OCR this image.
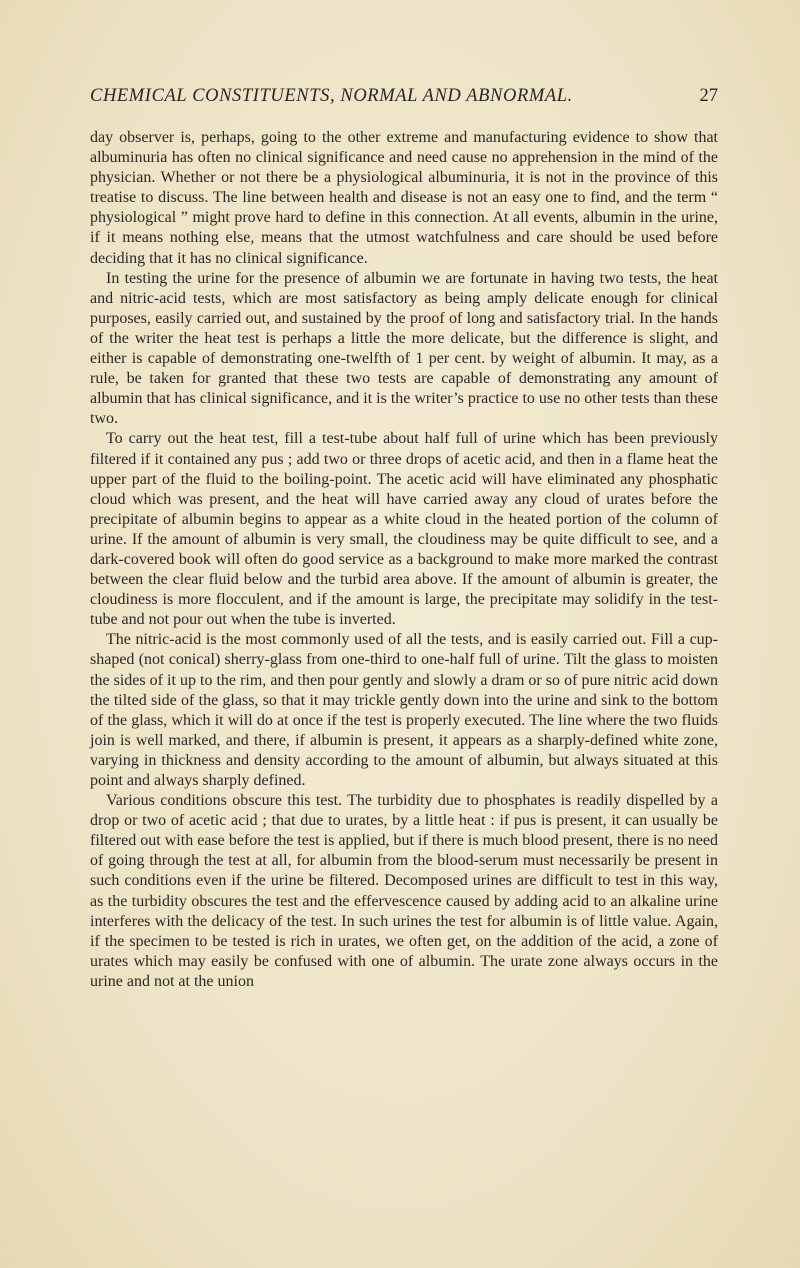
CHEMICAL CONSTITUENTS, NORMAL AND ABNORMAL.	27

day observer is, perhaps, going to the other extreme and manufacturing evidence to show that albuminuria has often no clinical significance and need cause no apprehension in the mind of the physician. Whether or not there be a physiological albuminuria, it is not in the province of this treatise to discuss. The line between health and disease is not an easy one to find, and the term “ physiological ” might prove hard to define in this connection. At all events, albumin in the urine, if it means nothing else, means that the utmost watchfulness and care should be used before deciding that it has no clinical significance.

In testing the urine for the presence of albumin we are fortunate in having two tests, the heat and nitric-acid tests, which are most satisfactory as being amply delicate enough for clinical purposes, easily carried out, and sustained by the proof of long and satisfactory trial. In the hands of the writer the heat test is perhaps a little the more delicate, but the difference is slight, and either is capable of demonstrating one-twelfth of 1 per cent. by weight of albumin. It may, as a rule, be taken for granted that these two tests are capable of demonstrating any amount of albumin that has clinical significance, and it is the writer’s practice to use no other tests than these two.

To carry out the heat test, fill a test-tube about half full of urine which has been previously filtered if it contained any pus ; add two or three drops of acetic acid, and then in a flame heat the upper part of the fluid to the boiling-point. The acetic acid will have eliminated any phosphatic cloud which was present, and the heat will have carried away any cloud of urates before the precipitate of albumin begins to appear as a white cloud in the heated portion of the column of urine. If the amount of albumin is very small, the cloudiness may be quite difficult to see, and a dark-covered book will often do good service as a background to make more marked the contrast between the clear fluid below and the turbid area above. If the amount of albumin is greater, the cloudiness is more flocculent, and if the amount is large, the precipitate may solidify in the test-tube and not pour out when the tube is inverted.

The nitric-acid is the most commonly used of all the tests, and is easily carried out. Fill a cup-shaped (not conical) sherry-glass from one-third to one-half full of urine. Tilt the glass to moisten the sides of it up to the rim, and then pour gently and slowly a dram or so of pure nitric acid down the tilted side of the glass, so that it may trickle gently down into the urine and sink to the bottom of the glass, which it will do at once if the test is properly executed. The line where the two fluids join is well marked, and there, if albumin is present, it appears as a sharply-defined white zone, varying in thickness and density according to the amount of albumin, but always situated at this point and always sharply defined.

Various conditions obscure this test. The turbidity due to phosphates is readily dispelled by a drop or two of acetic acid ; that due to urates, by a little heat : if pus is present, it can usually be filtered out with ease before the test is applied, but if there is much blood present, there is no need of going through the test at all, for albumin from the blood-serum must necessarily be present in such conditions even if the urine be filtered. Decomposed urines are difficult to test in this way, as the turbidity obscures the test and the effervescence caused by adding acid to an alkaline urine interferes with the delicacy of the test. In such urines the test for albumin is of little value. Again, if the specimen to be tested is rich in urates, we often get, on the addition of the acid, a zone of urates which may easily be confused with one of albumin. The urate zone always occurs in the urine and not at the union
